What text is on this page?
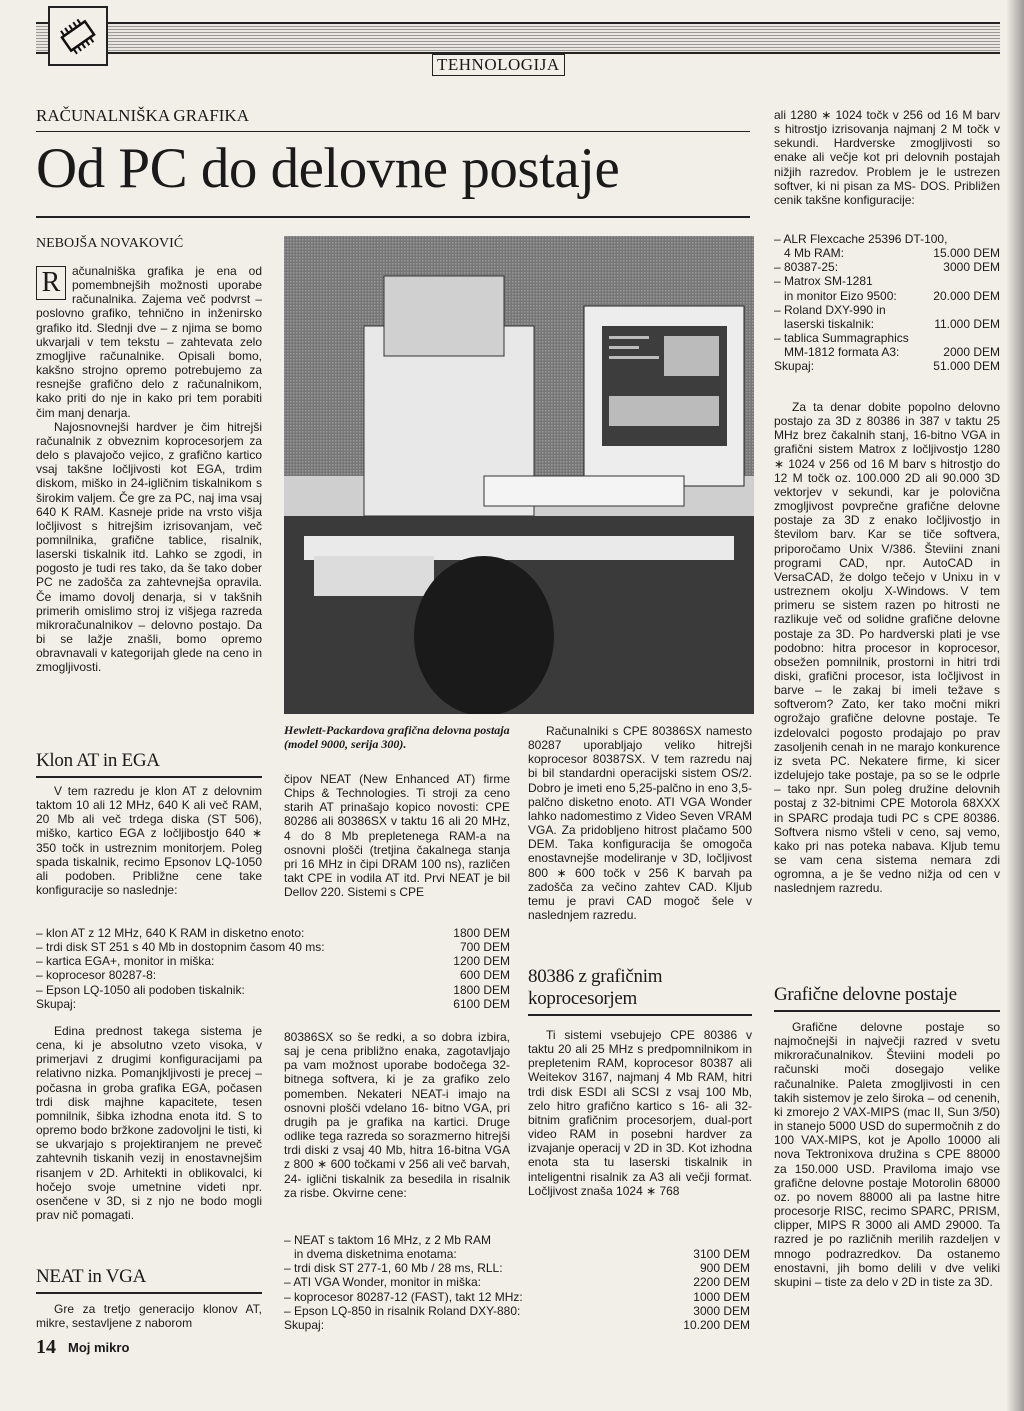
TEHNOLOGIJA
RAČUNALNIŠKA GRAFIKA
Od PC do delovne postaje
NEBOJŠA NOVAKOVIĆ
R ačunalniška grafika je ena od pomembnejših možnosti uporabe računalnika. Zajema več podvrst – poslovno grafiko, tehnično in inženirsko grafiko itd. Slednji dve – z njima se bomo ukvarjali v tem tekstu – zahtevata zelo zmogljive računalnike. Opisali bomo, kakšno strojno opremo potrebujemo za resnejše grafično delo z računalnikom, kako priti do nje in kako pri tem porabiti čim manj denarja.

Najosnovnejši hardver je čim hitrejši računalnik z obveznim koprocesorjem za delo s plavajočo vejico, z grafično kartico vsaj takšne ločljivosti kot EGA, trdim diskom, miško in 24-igličnim tiskalnikom s širokim valjem. Če gre za PC, naj ima vsaj 640 K RAM. Kasneje pride na vrsto višja ločljivost s hitrejšim izrisovanjam, več pomnilnika, grafične tablice, risalnik, laserski tiskalnik itd. Lahko se zgodi, in pogosto je tudi res tako, da še tako dober PC ne zadošča za zahtevnejša opravila. Če imamo dovolj denarja, si v takšnih primerih omislimo stroj iz višjega razreda mikroračunalnikov – delovno postajo. Da bi se lažje znašli, bomo opremo obravnavali v kategorijah glede na ceno in zmogljivosti.

Klon AT in EGA

V tem razredu je klon AT z delovnim taktom 10 ali 12 MHz, 640 K ali več RAM, 20 Mb ali več trdega diska (ST 506), miško, kartico EGA z ločljibostjo 640 ∗ 350 točk in ustreznim monitorjem. Poleg spada tiskalnik, recimo Epsonov LQ-1050 ali podoben. Približne cene take konfiguracije so naslednje:

Hewlett-Packardova grafična delovna postaja (model 9000, serija 300).

čipov NEAT (New Enhanced AT) firme Chips & Technologies. Ti stroji za ceno starih AT prinašajo kopico novosti: CPE 80286 ali 80386SX v taktu 16 ali 20 MHz, 4 do 8 Mb prepletenega RAM-a na osnovni plošči (tretjina čakalnega stanja pri 16 MHz in čipi DRAM 100 ns), različen takt CPE in vodila AT itd. Prvi NEAT je bil Dellov 220. Sistemi s CPE

– klon AT z 12 MHz, 640 K RAM in disketno enoto:	1800 DEM
– trdi disk ST 251 s 40 Mb in dostopnim časom 40 ms:	700 DEM
– kartica EGA+, monitor in miška:	1200 DEM
– koprocesor 80287-8:	600 DEM
– Epson LQ-1050 ali podoben tiskalnik:	1800 DEM
Skupaj:	6100 DEM

Edina prednost takega sistema je cena, ki je absolutno vzeto visoka, v primerjavi z drugimi konfiguracijami pa relativno nizka. Pomanjkljivosti je precej – počasna in groba grafika EGA, počasen trdi disk majhne kapacitete, tesen pomnilnik, šibka izhodna enota itd. S to opremo bodo bržkone zadovoljni le tisti, ki se ukvarjajo s projektiranjem ne preveč zahtevnih tiskanih vezij in enostavnejšim risanjem v 2D. Arhitekti in oblikovalci, ki hočejo svoje umetnine videti npr. osenčene v 3D, si z njo ne bodo mogli prav nič pomagati.

NEAT in VGA

Gre za tretjo generacijo klonov AT, mikre, sestavljene z naborom

80386SX so še redki, a so dobra izbira, saj je cena približno enaka, zagotavljajo pa vam možnost uporabe bodočega 32-bitnega softvera, ki je za grafiko zelo pomemben. Nekateri NEAT-i imajo na osnovni plošči vdelano 16- bitno VGA, pri drugih pa je grafika na kartici. Druge odlike tega razreda so sorazmerno hitrejši trdi diski z vsaj 40 Mb, hitra 16-bitna VGA z 800 ∗ 600 točkami v 256 ali več barvah, 24- iglični tiskalnik za besedila in risalnik za risbe. Okvirne cene:

– NEAT s taktom 16 MHz, z 2 Mb RAM
in dvema disketnima enotama:	3100 DEM
– trdi disk ST 277-1, 60 Mb / 28 ms, RLL:	900 DEM
– ATI VGA Wonder, monitor in miška:	2200 DEM
– koprocesor 80287-12 (FAST), takt 12 MHz:	1000 DEM
– Epson LQ-850 in risalnik Roland DXY-880:	3000 DEM
Skupaj:	10.200 DEM

Računalniki s CPE 80386SX namesto 80287 uporabljajo veliko hitrejši koprocesor 80387SX. V tem razredu naj bi bil standardni operacijski sistem OS/2. Dobro je imeti eno 5,25-palčno in eno 3,5-palčno disketno enoto. ATI VGA Wonder lahko nadomestimo z Video Seven VRAM VGA. Za pridobljeno hitrost plačamo 500 DEM. Taka konfiguracija še omogoča enostavnejše modeliranje v 3D, ločljivost 800 ∗ 600 točk v 256 K barvah pa zadošča za večino zahtev CAD. Kljub temu je pravi CAD mogoč šele v naslednjem razredu.

80386 z grafičnim koprocesorjem

Ti sistemi vsebujejo CPE 80386 v taktu 20 ali 25 MHz s predpomnilnikom in prepletenim RAM, koprocesor 80387 ali Weitekov 3167, najmanj 4 Mb RAM, hitri trdi disk ESDI ali SCSI z vsaj 100 Mb, zelo hitro grafično kartico s 16- ali 32-bitnim grafičnim procesorjem, dual-port video RAM in posebni hardver za izvajanje operacij v 2D in 3D. Kot izhodna enota sta tu laserski tiskalnik in inteligentni risalnik za A3 ali večji format. Ločljivost znaša 1024 ∗ 768

ali 1280 ∗ 1024 točk v 256 od 16 M barv s hitrostjo izrisovanja najmanj 2 M točk v sekundi. Hardverske zmogljivosti so enake ali večje kot pri delovnih postajah nižjih razredov. Problem je le ustrezen softver, ki ni pisan za MS- DOS. Približen cenik takšne konfiguracije:

– ALR Flexcache 25396 DT-100,
4 Mb RAM:	15.000 DEM
– 80387-25:	3000 DEM
– Matrox SM-1281
in monitor Eizo 9500:	20.000 DEM
– Roland DXY-990 in
laserski tiskalnik:	11.000 DEM
– tablica Summagraphics
MM-1812 formata A3:	2000 DEM
Skupaj:	51.000 DEM

Za ta denar dobite popolno delovno postajo za 3D z 80386 in 387 v taktu 25 MHz brez čakalnih stanj, 16-bitno VGA in grafični sistem Matrox z ločljivostjo 1280 ∗ 1024 v 256 od 16 M barv s hitrostjo do 12 M točk oz. 100.000 2D ali 90.000 3D vektorjev v sekundi, kar je polovična zmogljivost povprečne grafične delovne postaje za 3D z enako ločljivostjo in številom barv. Kar se tiče softvera, priporočamo Unix V/386. Števiini znani programi CAD, npr. AutoCAD in VersaCAD, že dolgo tečejo v Unixu in v ustreznem okolju X-Windows. V tem primeru se sistem razen po hitrosti ne razlikuje več od solidne grafične delovne postaje za 3D. Po hardverski plati je vse podobno: hitra procesor in koprocesor, obsežen pomnilnik, prostorni in hitri trdi diski, grafični procesor, ista ločljivost in barve – le zakaj bi imeli težave s softverom? Zato, ker tako močni mikri ogrožajo grafične delovne postaje. Te izdelovalci pogosto prodajajo po prav zasoljenih cenah in ne marajo konkurence iz sveta PC. Nekatere firme, ki sicer izdelujejo take postaje, pa so se le odprle – tako npr. Sun poleg družine delovnih postaj z 32-bitnimi CPE Motorola 68XXX in SPARC prodaja tudi PC s CPE 80386. Softvera nismo všteli v ceno, saj vemo, kako pri nas poteka nabava. Kljub temu se vam cena sistema nemara zdi ogromna, a je še vedno nižja od cen v naslednjem razredu.

Grafične delovne postaje

Grafične delovne postaje so najmočnejši in največji razred v svetu mikroračunalnikov. Števiini modeli po računski moči dosegajo velike računalnike. Paleta zmogljivosti in cen takih sistemov je zelo široka – od cenenih, ki zmorejo 2 VAX-MIPS (mac II, Sun 3/50) in stanejo 5000 USD do supermočnih z do 100 VAX-MIPS, kot je Apollo 10000 ali nova Tektronixova družina s CPE 88000 za 150.000 USD. Praviloma imajo vse grafične delovne postaje Motorolin 68000 oz. po novem 88000 ali pa lastne hitre procesorje RISC, recimo SPARC, PRISM, clipper, MIPS R 3000 ali AMD 29000. Ta razred je po različnih merilih razdeljen v mnogo podrazredkov. Da ostanemo enostavni, jih bomo delili v dve veliki skupini – tiste za delo v 2D in tiste za 3D.

14 Moj mikro
